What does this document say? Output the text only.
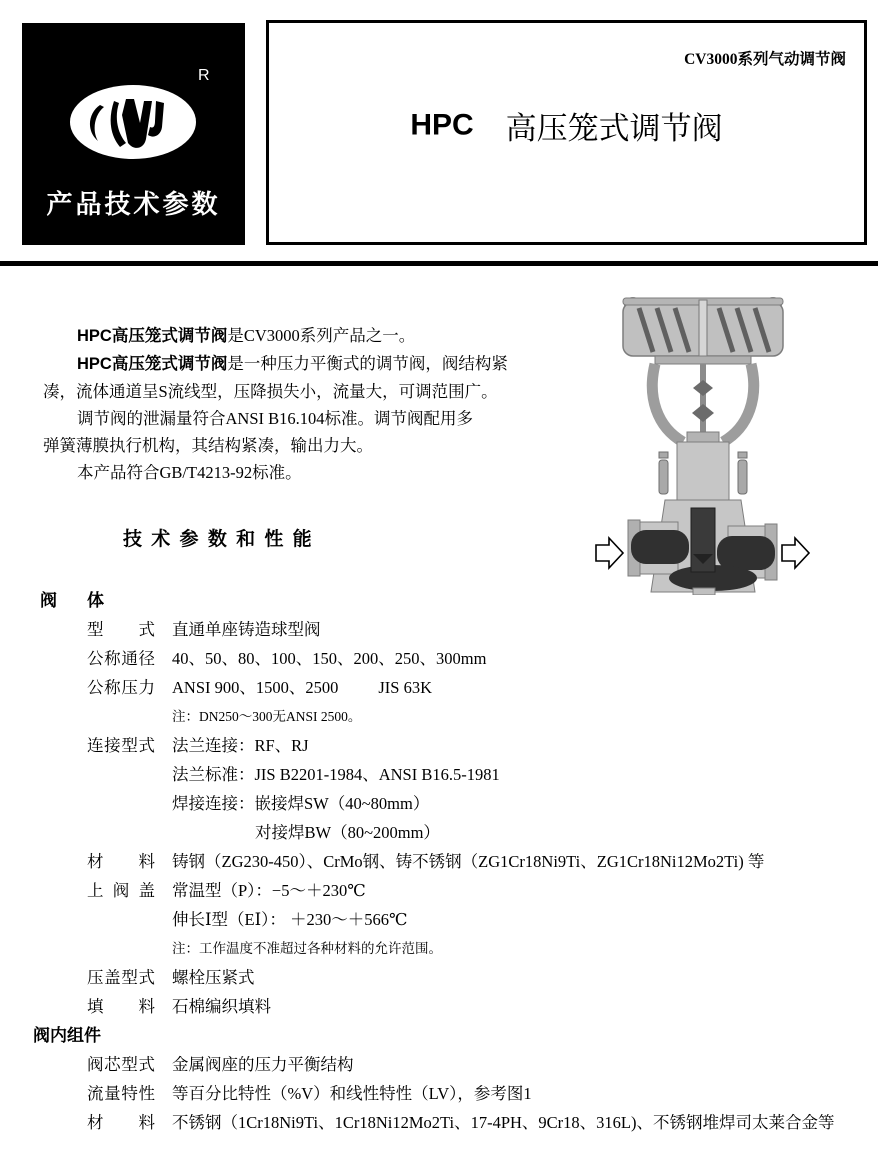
R
产品技术参数
CV3000系列气动调节阀
HPC 高压笼式调节阀
HPC高压笼式调节阀是CV3000系列产品之一。
HPC高压笼式调节阀是一种压力平衡式的调节阀，阀结构紧
凑，流体通道呈S流线型，压降损失小，流量大，可调范围广。
调节阀的泄漏量符合ANSI B16.104标准。调节阀配用多
弹簧薄膜执行机构，其结构紧凑，输出力大。
本产品符合GB/T4213-92标准。
技 术 参 数 和 性 能
阀体
型式 直通单座铸造球型阀
公称通径 40、50、80、100、150、200、250、300mm
公称压力 ANSI 900、1500、2500 JIS 63K
注：DN250～300无ANSI 2500。
连接型式 法兰连接：RF、RJ
法兰标准：JIS B2201-1984、ANSI B16.5-1981
焊接连接：嵌接焊SW（40~80mm）
对接焊BW（80~200mm）
材料 铸钢（ZG230-450）、CrMo钢、铸不锈钢（ZG1Cr18Ni9Ti、ZG1Cr18Ni12Mo2Ti) 等
上阀盖 常温型（P）：−5～＋230℃
伸长Ⅰ型（EⅠ）： ＋230～＋566℃
注：工作温度不准超过各种材料的允许范围。
压盖型式 螺栓压紧式
填料 石棉编织填料
阀内组件
阀芯型式 金属阀座的压力平衡结构
流量特性 等百分比特性（%V）和线性特性（LV），参考图1
材料 不锈钢（1Cr18Ni9Ti、1Cr18Ni12Mo2Ti、17-4PH、9Cr18、316L)、不锈钢堆焊司太莱合金等
